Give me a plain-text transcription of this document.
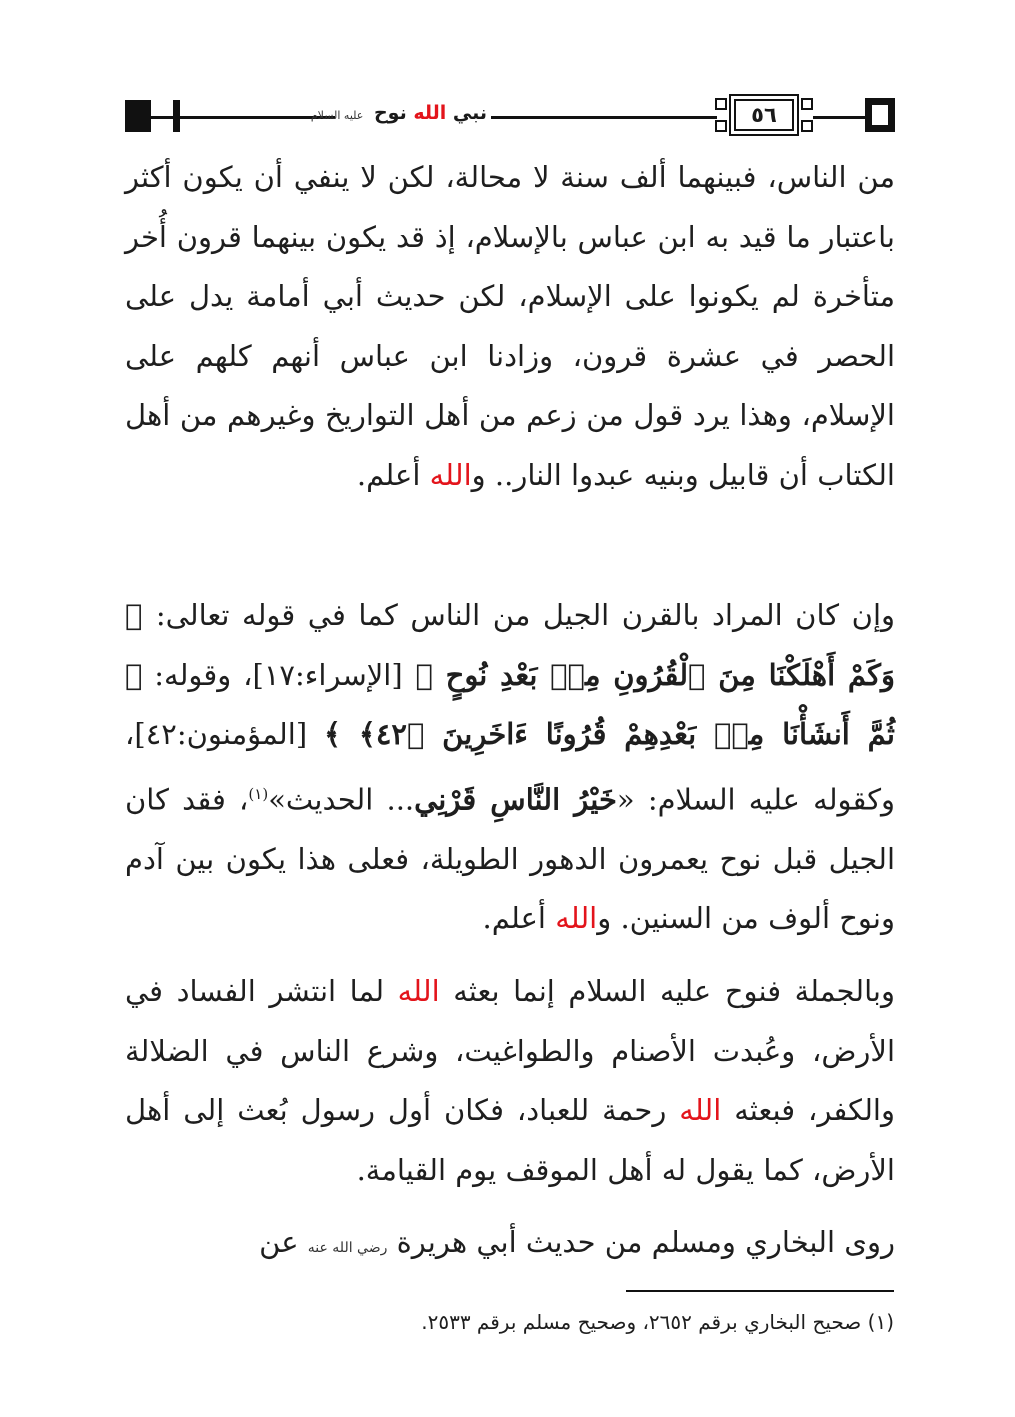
نبي الله نوح عليه السلام	٥٦
من الناس، فبينهما ألف سنة لا محالة، لكن لا ينفي أن يكون أكثر باعتبار ما قيد به ابن عباس بالإسلام، إذ قد يكون بينهما قرون أُخر متأخرة لم يكونوا على الإسلام، لكن حديث أبي أمامة يدل على الحصر في عشرة قرون، وزادنا ابن عباس أنهم كلهم على الإسلام، وهذا يرد قول من زعم من أهل التواريخ وغيرهم من أهل الكتاب أن قابيل وبنيه عبدوا النار.. والله أعلم.
وإن كان المراد بالقرن الجيل من الناس كما في قوله تعالى: ﴿ وَكَمْ أَهْلَكْنَا مِنَ ٱلْقُرُونِ مِنۢ بَعْدِ نُوحٍ ﴾ [الإسراء:١٧]، وقوله: ﴿ ثُمَّ أَنشَأْنَا مِنۢ بَعْدِهِمْ قُرُونًا ءَاخَرِينَ ﴿٤٢﴾ ﴾ [المؤمنون:٤٢]، وكقوله عليه السلام: «خَيْرُ النَّاسِ قَرْنِي... الحديث»$^{(١)}$، فقد كان الجيل قبل نوح يعمرون الدهور الطويلة، فعلى هذا يكون بين آدم ونوح ألوف من السنين. والله أعلم.
وبالجملة فنوح عليه السلام إنما بعثه الله لما انتشر الفساد في الأرض، وعُبدت الأصنام والطواغيت، وشرع الناس في الضلالة والكفر، فبعثه الله رحمة للعباد، فكان أول رسول بُعث إلى أهل الأرض، كما يقول له أهل الموقف يوم القيامة.
روى البخاري ومسلم من حديث أبي هريرة رضي الله عنه عن
(١) صحيح البخاري برقم ٢٦٥٢، وصحيح مسلم برقم ٢٥٣٣.
